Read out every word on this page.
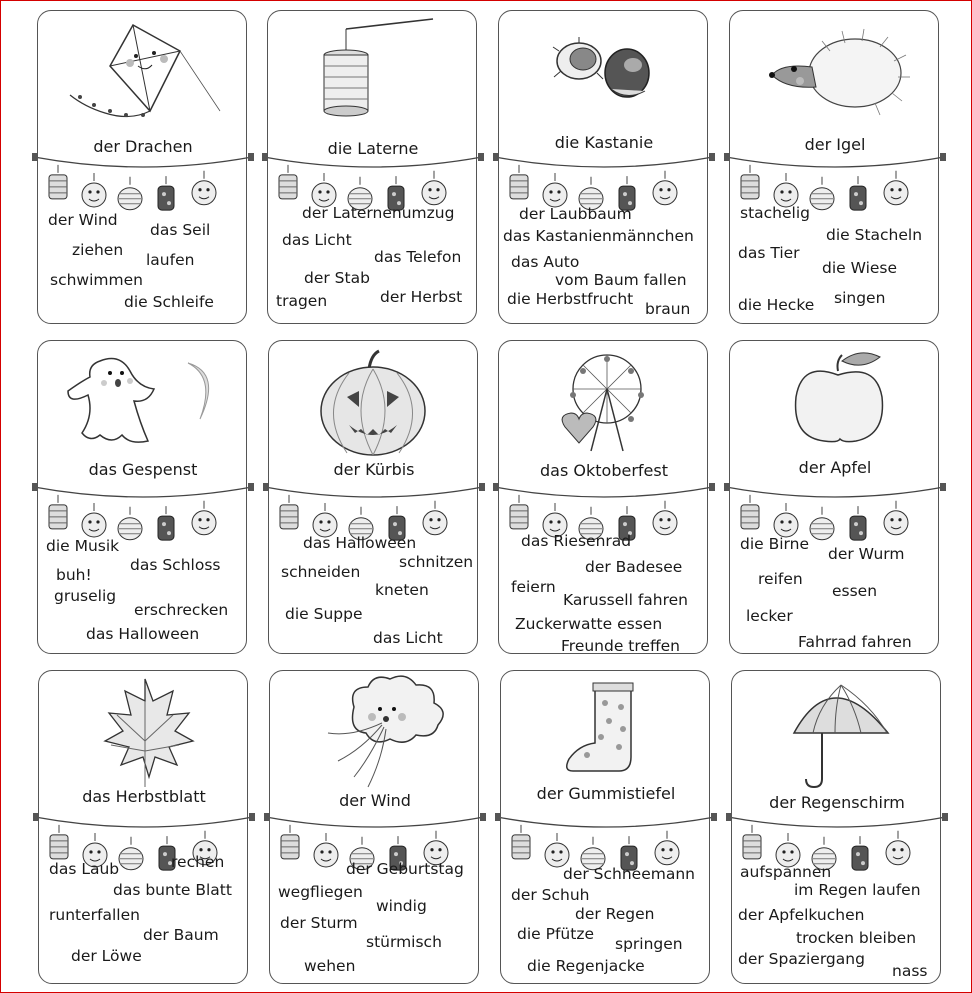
der Drachen
der Wind
das Seil
ziehen
laufen
schwimmen
die Schleife
die Laterne
der Laternenumzug
das Licht
das Telefon
der Stab
tragen	der Herbst
die Kastanie
der Laubbaum
das Kastanienmännchen
das Auto
vom Baum fallen
die Herbstfrucht
braun
der Igel
stachelig
die Stacheln
das Tier
die Wiese
singen
die Hecke
das Gespenst
die Musik
das Schloss
buh!
gruselig
erschrecken
das Halloween
der Kürbis
das Halloween
schnitzen
schneiden
kneten
die Suppe
das Licht
das Oktoberfest
das Riesenrad
der Badesee
feiern
Karussell fahren
Zuckerwatte essen
Freunde treffen
der Apfel
die Birne
der Wurm
reifen
essen
lecker
Fahrrad fahren
das Herbstblatt
das Laub	rechen
das bunte Blatt
runterfallen
der Baum
der Löwe
der Wind
der Geburtstag
wegfliegen
windig
der Sturm
stürmisch
wehen
der Gummistiefel
der Schneemann
der Schuh
der Regen
die Pfütze
springen
die Regenjacke
der Regenschirm
aufspannen
im Regen laufen
der Apfelkuchen
trocken bleiben
der Spaziergang
nass
